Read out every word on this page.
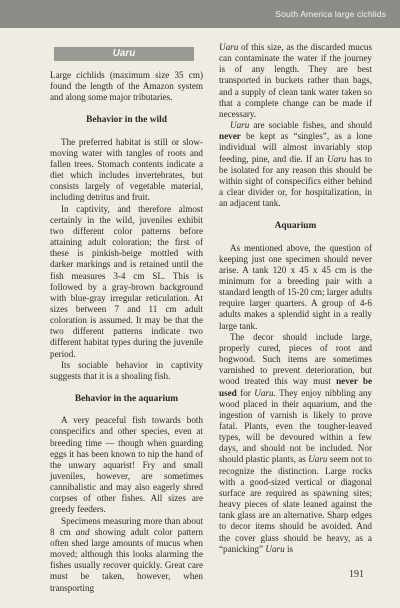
South America large cichlids
Uaru

Large cichlids (maximum size 35 cm) found the length of the Amazon system and along some major tributaries.

Behavior in the wild

The preferred habitat is still or slow-moving water with tangles of roots and fallen trees. Stomach contents indicate a diet which includes invertebrates, but consists largely of vegetable material, including detritus and fruit.

In captivity, and therefore almost certainly in the wild, juveniles exhibit two different color patterns before attaining adult coloration; the first of these is pinkish-beige mottled with darker markings and is retained until the fish measures 3-4 cm SL. This is followed by a gray-brown background with blue-gray irregular reticulation. At sizes between 7 and 11 cm adult coloration is assumed. It may be that the two different patterns indicate two different habitat types during the juvenile period.

Its sociable behavior in captivity suggests that it is a shoaling fish.

Behavior in the aquarium

A very peaceful fish towards both conspecifics and other species, even at breeding time — though when guarding eggs it has been known to nip the hand of the unwary aquarist! Fry and small juveniles, however, are sometimes cannibalistic and may also eagerly shred corpses of other fishes. All sizes are greedy feeders.

Specimens measuring more than about 8 cm and showing adult color pattern often shed large amounts of mucus when moved; although this looks alarming the fishes usually recover quickly. Great care must be taken, however, when transporting

Uaru of this size, as the discarded mucus can contaminate the water if the journey is of any length. They are best transported in buckets rather than bags, and a supply of clean tank water taken so that a complete change can be made if necessary.

Uaru are sociable fishes, and should never be kept as “singles”, as a lone individual will almost invariably stop feeding, pine, and die. If an Uaru has to be isolated for any reason this should be within sight of conspecifics either behind a clear divider or, for hospitalization, in an adjacent tank.

Aquarium

As mentioned above, the question of keeping just one specimen should never arise. A tank 120 x 45 x 45 cm is the minimum for a breeding pair with a standard length of 15-20 cm; larger adults require larger quarters. A group of 4-6 adults makes a splendid sight in a really large tank.

The decor should include large, properly cured, pieces of root and bogwood. Such items are sometimes varnished to prevent deterioration, but wood treated this way must never be used for Uaru. They enjoy nibbling any wood placed in their aquarium, and the ingestion of varnish is likely to prove fatal. Plants, even the tougher-leaved types, will be devoured within a few days, and should not be included. Nor should plastic plants, as Uaru seem not to recognize the distinction. Large rocks with a good-sized vertical or diagonal surface are required as spawning sites; heavy pieces of slate leaned against the tank glass are an alternative. Sharp edges to decor items should be avoided. And the cover glass should be heavy, as a “panicking” Uaru is

191
